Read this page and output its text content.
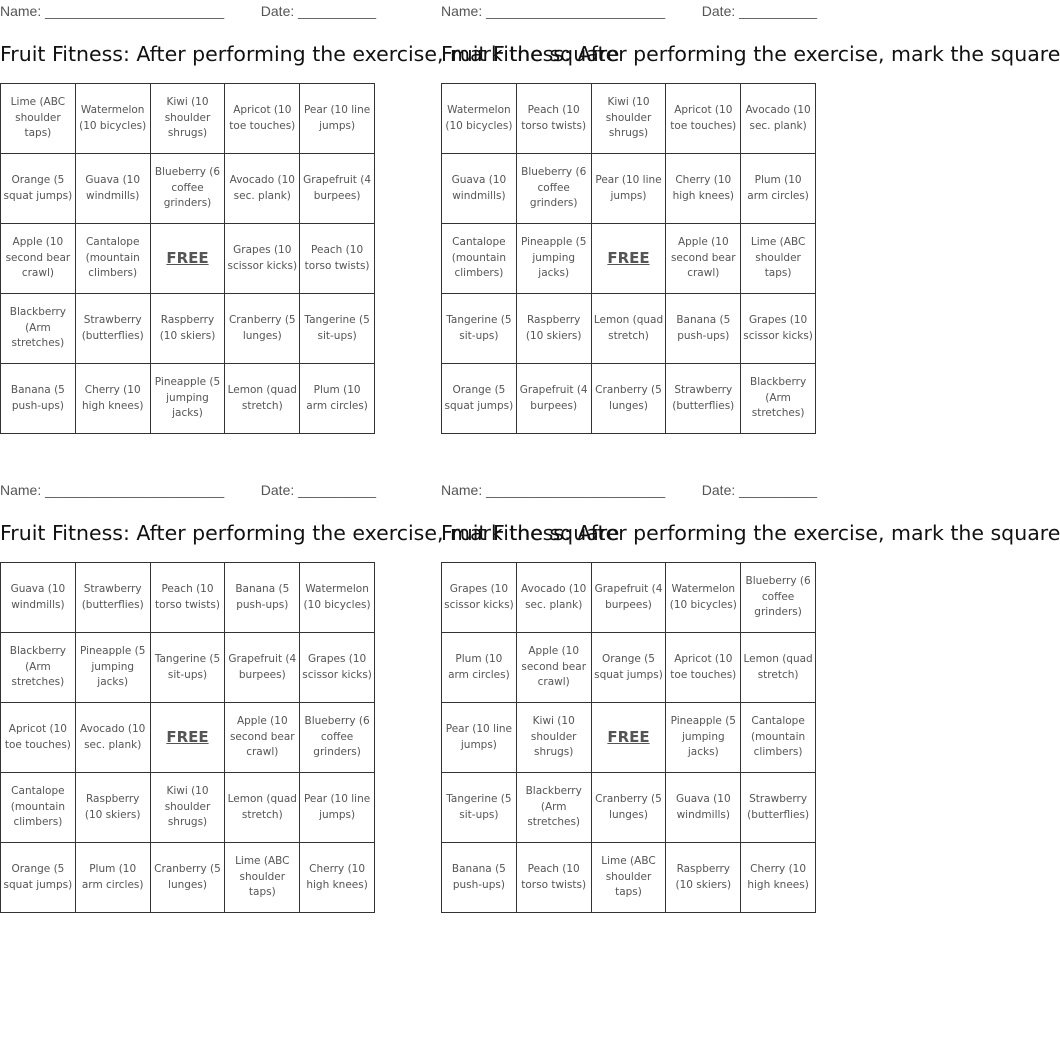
Name: _______________________	Date: __________
Fruit Fitness: After performing the exercise, mark the square
Lime (ABC shoulder taps)	Watermelon (10 bicycles)	Kiwi (10 shoulder shrugs)	Apricot (10 toe touches)	Pear (10 line jumps)
Orange (5 squat jumps)	Guava (10 windmills)	Blueberry (6 coffee grinders)	Avocado (10 sec. plank)	Grapefruit (4 burpees)
Apple (10 second bear crawl)	Cantalope (mountain climbers)	FREE	Grapes (10 scissor kicks)	Peach (10 torso twists)
Blackberry (Arm stretches)	Strawberry (butterflies)	Raspberry (10 skiers)	Cranberry (5 lunges)	Tangerine (5 sit-ups)
Banana (5 push-ups)	Cherry (10 high knees)	Pineapple (5 jumping jacks)	Lemon (quad stretch)	Plum (10 arm circles)
Name: _______________________	Date: __________
Fruit Fitness: After performing the exercise, mark the square
Watermelon (10 bicycles)	Peach (10 torso twists)	Kiwi (10 shoulder shrugs)	Apricot (10 toe touches)	Avocado (10 sec. plank)
Guava (10 windmills)	Blueberry (6 coffee grinders)	Pear (10 line jumps)	Cherry (10 high knees)	Plum (10 arm circles)
Cantalope (mountain climbers)	Pineapple (5 jumping jacks)	FREE	Apple (10 second bear crawl)	Lime (ABC shoulder taps)
Tangerine (5 sit-ups)	Raspberry (10 skiers)	Lemon (quad stretch)	Banana (5 push-ups)	Grapes (10 scissor kicks)
Orange (5 squat jumps)	Grapefruit (4 burpees)	Cranberry (5 lunges)	Strawberry (butterflies)	Blackberry (Arm stretches)
Name: _______________________	Date: __________
Fruit Fitness: After performing the exercise, mark the square
Guava (10 windmills)	Strawberry (butterflies)	Peach (10 torso twists)	Banana (5 push-ups)	Watermelon (10 bicycles)
Blackberry (Arm stretches)	Pineapple (5 jumping jacks)	Tangerine (5 sit-ups)	Grapefruit (4 burpees)	Grapes (10 scissor kicks)
Apricot (10 toe touches)	Avocado (10 sec. plank)	FREE	Apple (10 second bear crawl)	Blueberry (6 coffee grinders)
Cantalope (mountain climbers)	Raspberry (10 skiers)	Kiwi (10 shoulder shrugs)	Lemon (quad stretch)	Pear (10 line jumps)
Orange (5 squat jumps)	Plum (10 arm circles)	Cranberry (5 lunges)	Lime (ABC shoulder taps)	Cherry (10 high knees)
Name: _______________________	Date: __________
Fruit Fitness: After performing the exercise, mark the square
Grapes (10 scissor kicks)	Avocado (10 sec. plank)	Grapefruit (4 burpees)	Watermelon (10 bicycles)	Blueberry (6 coffee grinders)
Plum (10 arm circles)	Apple (10 second bear crawl)	Orange (5 squat jumps)	Apricot (10 toe touches)	Lemon (quad stretch)
Pear (10 line jumps)	Kiwi (10 shoulder shrugs)	FREE	Pineapple (5 jumping jacks)	Cantalope (mountain climbers)
Tangerine (5 sit-ups)	Blackberry (Arm stretches)	Cranberry (5 lunges)	Guava (10 windmills)	Strawberry (butterflies)
Banana (5 push-ups)	Peach (10 torso twists)	Lime (ABC shoulder taps)	Raspberry (10 skiers)	Cherry (10 high knees)
